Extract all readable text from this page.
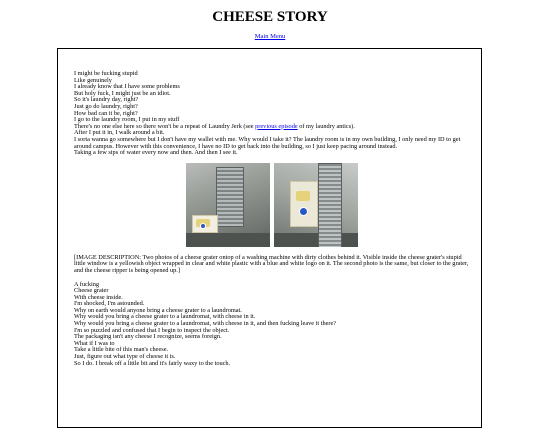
CHEESE STORY
Main Menu
I might be fucking stupid
Like genuinely
I already know that I have some problems
But holy fuck, I might just be an idiot.
So it's laundry day, right?
Just go do laundry, right?
How bad can it be, right?
I go to the laundry room, I put in my stuff
There's no one else here so there won't be a repeat of Laundry Jerk (see previous episode of my laundry antics).
After I put it in, I walk around a bit.
I sorta wanna go somewhere but I don't have my wallet with me. Why would I take it? The laundry room is in my own building, I only need my ID to get around campus. However with this convenience, I have no ID to get back into the building, so I just keep pacing around instead.
Taking a few sips of water every now and then. And then I see it.
[IMAGE DESCRIPTION: Two photos of a cheese grater ontop of a washing machine with dirty clothes behind it. Visible inside the cheese grater's stupid little window is a yellowish object wrapped in clear and white plastic with a blue and white logo on it. The second photo is the same, but closer to the grater, and the cheese ripper is being opened up.]
A fucking
Cheese grater
With cheese inside.
I'm shocked, I'm astounded.
Why on earth would anyone bring a cheese grater to a laundromat.
Why would you bring a cheese grater to a laundromat, with cheese in it.
Why would you bring a cheese grater to a laundromat, with cheese in it, and then fucking leave it there?
I'm so puzzled and confused that I begin to inspect the object.
The packaging isn't any cheese I recognize, seems foreign.
What if I was to
Take a little bite of this man's cheese.
Just, figure out what type of cheese it is.
So I do. I break off a little bit and it's fairly waxy to the touch.
